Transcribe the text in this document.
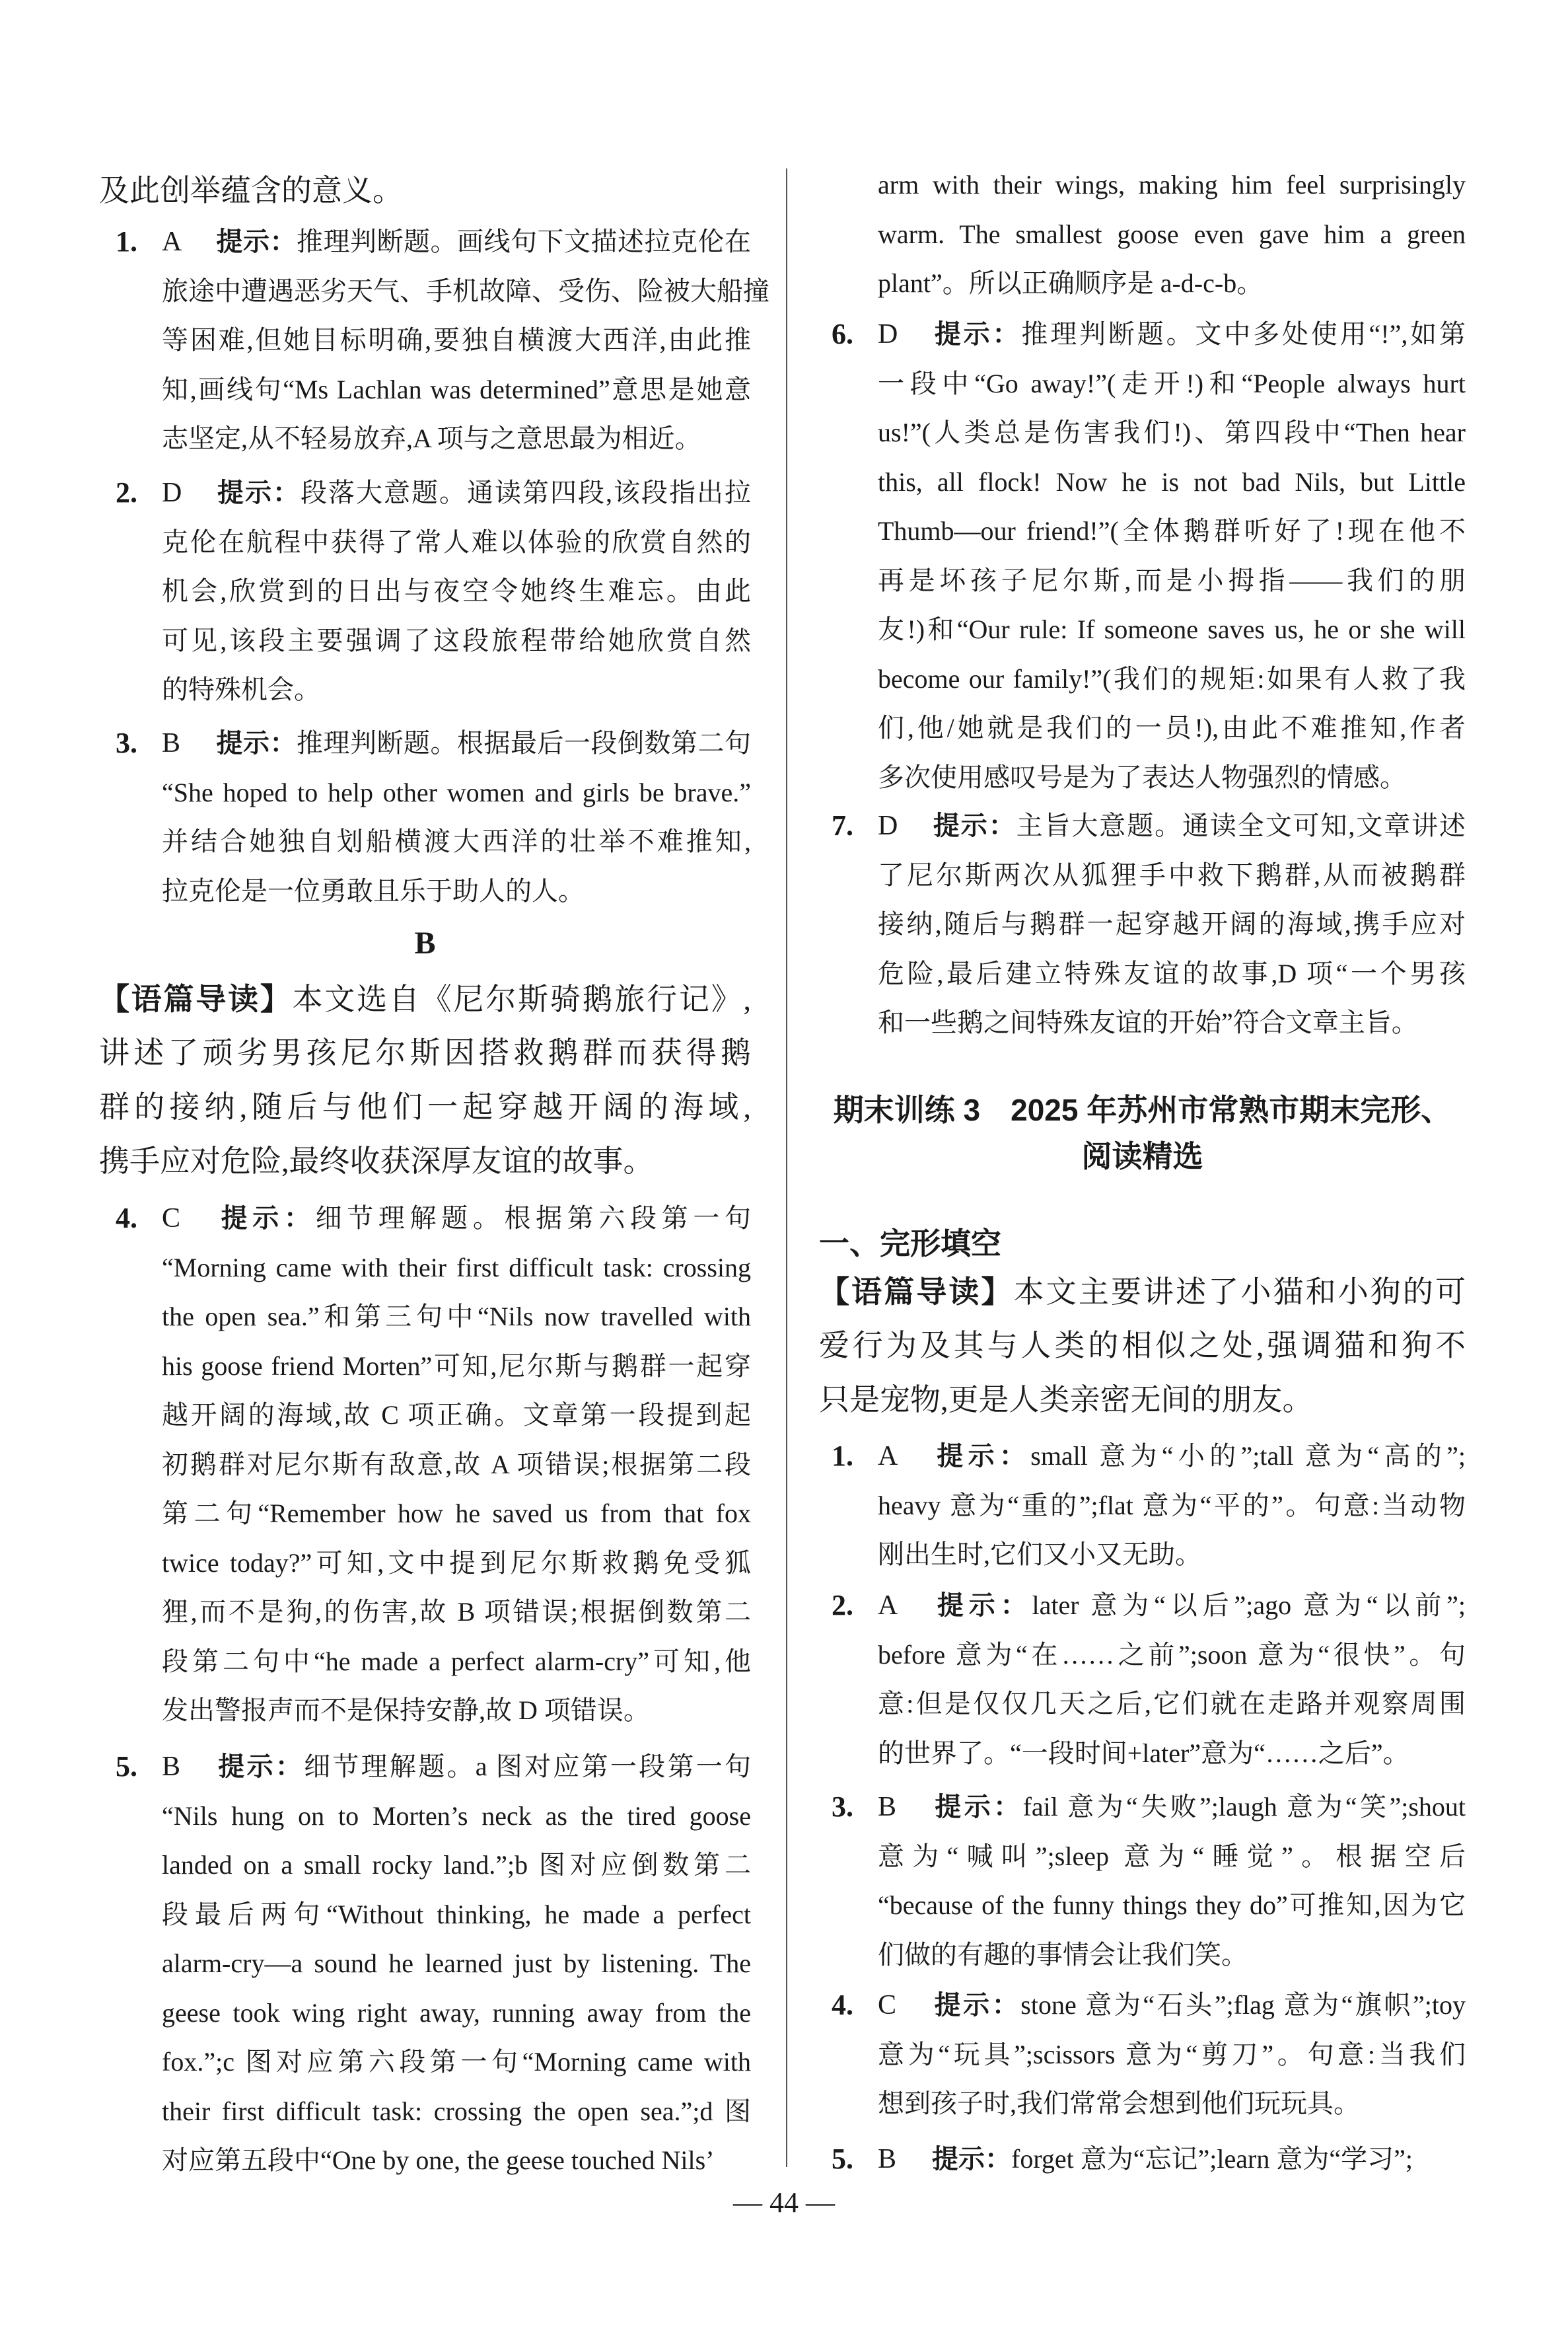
及此创举蕴含的意义。
1. A 提示：推理判断题。画线句下文描述拉克伦在
旅途中遭遇恶劣天气、手机故障、受伤、险被大船撞
等困难,但她目标明确,要独自横渡大西洋,由此推
知,画线句“Ms Lachlan was determined”意思是她意
志坚定,从不轻易放弃,A 项与之意思最为相近。
2. D 提示：段落大意题。通读第四段,该段指出拉
克伦在航程中获得了常人难以体验的欣赏自然的
机会,欣赏到的日出与夜空令她终生难忘。由此
可见,该段主要强调了这段旅程带给她欣赏自然
的特殊机会。
3. B 提示：推理判断题。根据最后一段倒数第二句
“She hoped to help other women and girls be brave.”
并结合她独自划船横渡大西洋的壮举不难推知,
拉克伦是一位勇敢且乐于助人的人。
B
【语篇导读】本文选自《尼尔斯骑鹅旅行记》,
讲述了顽劣男孩尼尔斯因搭救鹅群而获得鹅
群的接纳,随后与他们一起穿越开阔的海域,
携手应对危险,最终收获深厚友谊的故事。
4. C 提示：细节理解题。根据第六段第一句
“Morning came with their first difficult task: crossing
the open sea.”和第三句中“Nils now travelled with
his goose friend Morten”可知,尼尔斯与鹅群一起穿
越开阔的海域,故 C 项正确。文章第一段提到起
初鹅群对尼尔斯有敌意,故 A 项错误;根据第二段
第二句“Remember how he saved us from that fox
twice today?”可知,文中提到尼尔斯救鹅免受狐
狸,而不是狗,的伤害,故 B 项错误;根据倒数第二
段第二句中“he made a perfect alarm-cry”可知,他
发出警报声而不是保持安静,故 D 项错误。
5. B 提示：细节理解题。a 图对应第一段第一句
“Nils hung on to Morten’s neck as the tired goose
landed on a small rocky land.”;b 图对应倒数第二
段最后两句“Without thinking, he made a perfect
alarm-cry—a sound he learned just by listening. The
geese took wing right away, running away from the
fox.”;c 图对应第六段第一句“Morning came with
their first difficult task: crossing the open sea.”;d 图
对应第五段中“One by one, the geese touched Nils’
arm with their wings, making him feel surprisingly
warm. The smallest goose even gave him a green
plant”。所以正确顺序是 a-d-c-b。
6. D 提示：推理判断题。文中多处使用“!”,如第
一段中“Go away!”(走开!)和“People always hurt
us!”(人类总是伤害我们!)、第四段中“Then hear
this, all flock! Now he is not bad Nils, but Little
Thumb—our friend!”(全体鹅群听好了!现在他不
再是坏孩子尼尔斯,而是小拇指——我们的朋
友!)和“Our rule: If someone saves us, he or she will
become our family!”(我们的规矩:如果有人救了我
们,他/她就是我们的一员!),由此不难推知,作者
多次使用感叹号是为了表达人物强烈的情感。
7. D 提示：主旨大意题。通读全文可知,文章讲述
了尼尔斯两次从狐狸手中救下鹅群,从而被鹅群
接纳,随后与鹅群一起穿越开阔的海域,携手应对
危险,最后建立特殊友谊的故事,D 项“一个男孩
和一些鹅之间特殊友谊的开始”符合文章主旨。
期末训练 3　2025 年苏州市常熟市期末完形、
阅读精选
一、完形填空
【语篇导读】本文主要讲述了小猫和小狗的可
爱行为及其与人类的相似之处,强调猫和狗不
只是宠物,更是人类亲密无间的朋友。
1. A 提示：small 意为“小的”;tall 意为“高的”;
heavy 意为“重的”;flat 意为“平的”。句意:当动物
刚出生时,它们又小又无助。
2. A 提示：later 意为“以后”;ago 意为“以前”;
before 意为“在……之前”;soon 意为“很快”。句
意:但是仅仅几天之后,它们就在走路并观察周围
的世界了。“一段时间+later”意为“……之后”。
3. B 提示：fail 意为“失败”;laugh 意为“笑”;shout
意为“喊叫”;sleep 意为“睡觉”。根据空后
“because of the funny things they do”可推知,因为它
们做的有趣的事情会让我们笑。
4. C 提示：stone 意为“石头”;flag 意为“旗帜”;toy
意为“玩具”;scissors 意为“剪刀”。句意:当我们
想到孩子时,我们常常会想到他们玩玩具。
5. B 提示：forget 意为“忘记”;learn 意为“学习”;
— 44 —
